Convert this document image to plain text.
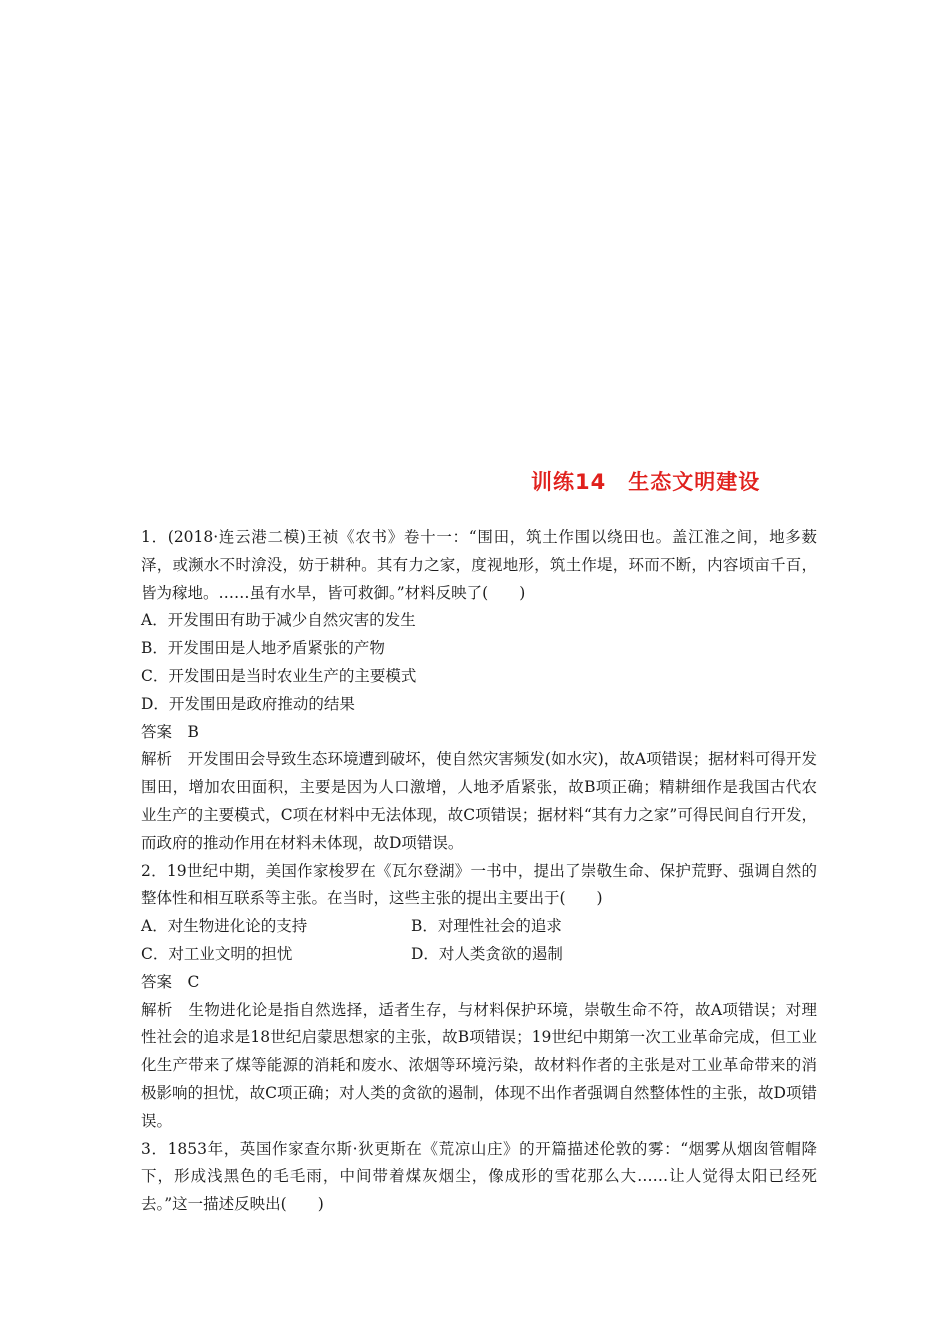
训练14　生态文明建设

1．(2018·连云港二模)王祯《农书》卷十一：“围田，筑土作围以绕田也。盖江淮之间，地多薮泽，或濒水不时渰没，妨于耕种。其有力之家，度视地形，筑土作堤，环而不断，内容顷亩千百，皆为稼地。……虽有水旱，皆可救御。”材料反映了(　　)

A．开发围田有助于减少自然灾害的发生

B．开发围田是人地矛盾紧张的产物

C．开发围田是当时农业生产的主要模式

D．开发围田是政府推动的结果

答案　B

解析　开发围田会导致生态环境遭到破坏，使自然灾害频发(如水灾)，故A项错误；据材料可得开发围田，增加农田面积，主要是因为人口激增，人地矛盾紧张，故B项正确；精耕细作是我国古代农业生产的主要模式，C项在材料中无法体现，故C项错误；据材料“其有力之家”可得民间自行开发，而政府的推动作用在材料未体现，故D项错误。

2．19世纪中期，美国作家梭罗在《瓦尔登湖》一书中，提出了崇敬生命、保护荒野、强调自然的整体性和相互联系等主张。在当时，这些主张的提出主要出于(　　)

A．对生物进化论的支持	B．对理性社会的追求
C．对工业文明的担忧	D．对人类贪欲的遏制

答案　C

解析　生物进化论是指自然选择，适者生存，与材料保护环境，崇敬生命不符，故A项错误；对理性社会的追求是18世纪启蒙思想家的主张，故B项错误；19世纪中期第一次工业革命完成，但工业化生产带来了煤等能源的消耗和废水、浓烟等环境污染，故材料作者的主张是对工业革命带来的消极影响的担忧，故C项正确；对人类的贪欲的遏制，体现不出作者强调自然整体性的主张，故D项错误。

3．1853年，英国作家查尔斯·狄更斯在《荒凉山庄》的开篇描述伦敦的雾：“烟雾从烟囱管帽降下，形成浅黑色的毛毛雨，中间带着煤灰烟尘，像成形的雪花那么大……让人觉得太阳已经死去。”这一描述反映出(　　)
